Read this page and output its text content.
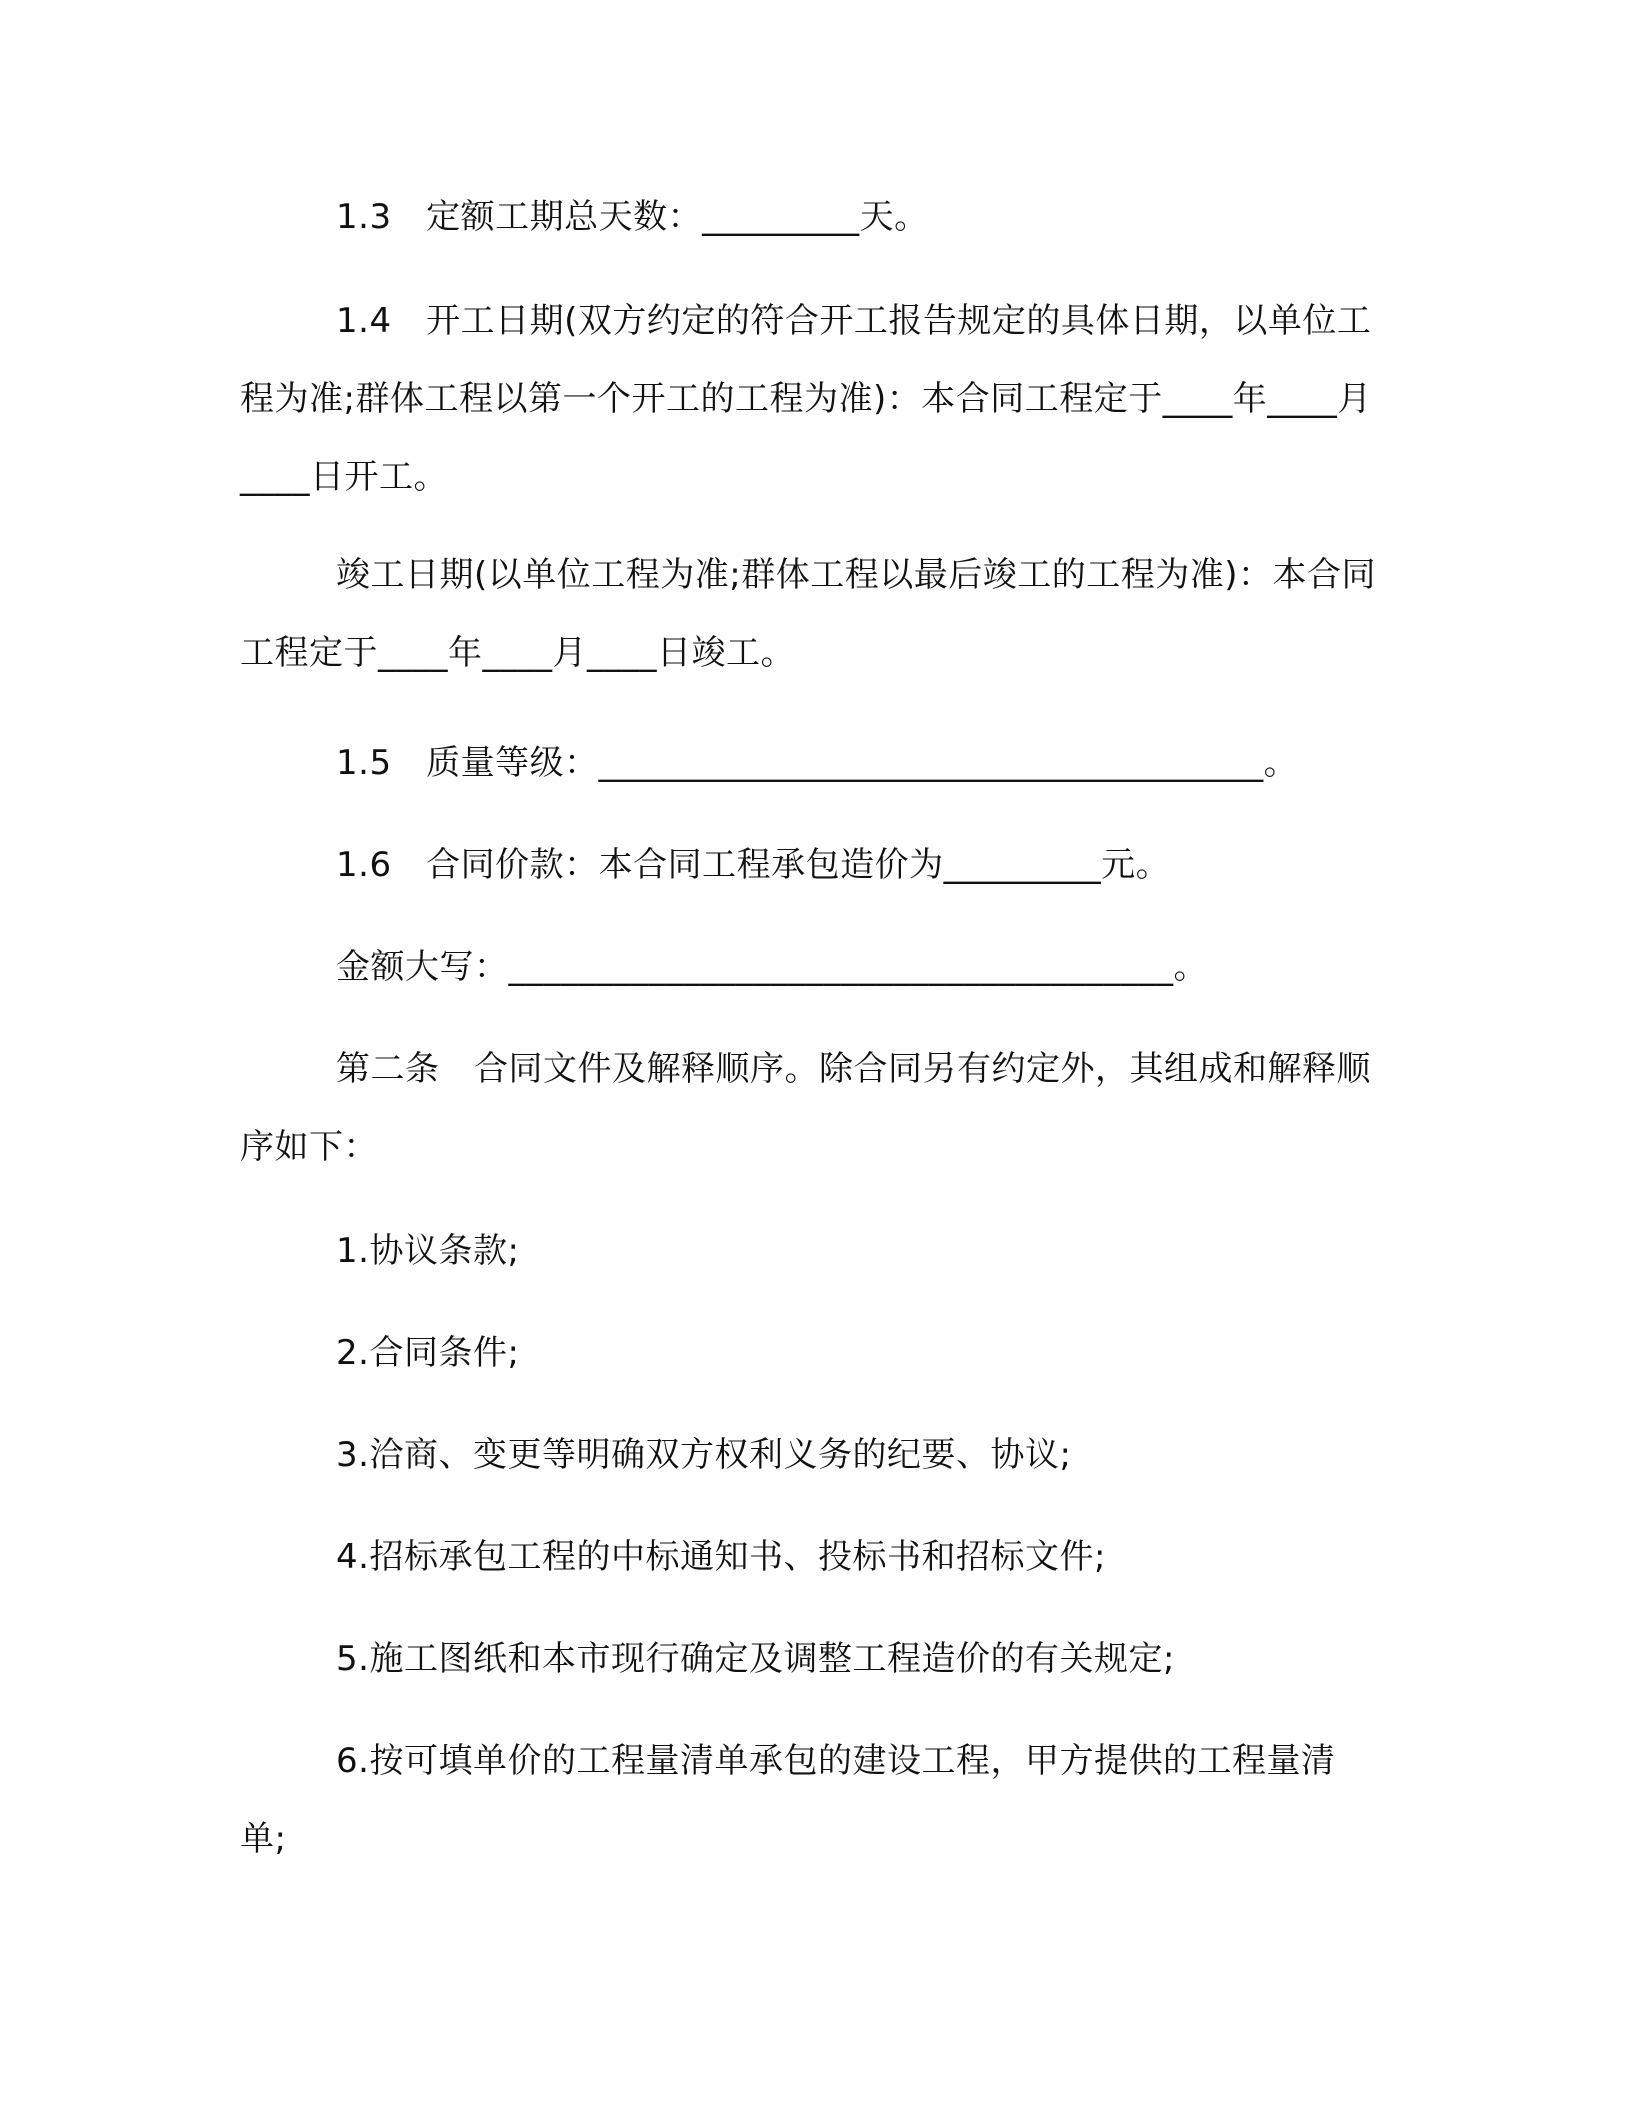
1.3　定额工期总天数：_________天。

1.4　开工日期(双方约定的符合开工报告规定的具体日期，以单位工程为准;群体工程以第一个开工的工程为准)：本合同工程定于____年____月____日开工。

竣工日期(以单位工程为准;群体工程以最后竣工的工程为准)：本合同工程定于____年____月____日竣工。

1.5　质量等级：______________________________________。

1.6　合同价款：本合同工程承包造价为_________元。

金额大写：______________________________________。

第二条　合同文件及解释顺序。除合同另有约定外，其组成和解释顺序如下：

1.协议条款;

2.合同条件;

3.洽商、变更等明确双方权利义务的纪要、协议;

4.招标承包工程的中标通知书、投标书和招标文件;

5.施工图纸和本市现行确定及调整工程造价的有关规定;

6.按可填单价的工程量清单承包的建设工程，甲方提供的工程量清单;
